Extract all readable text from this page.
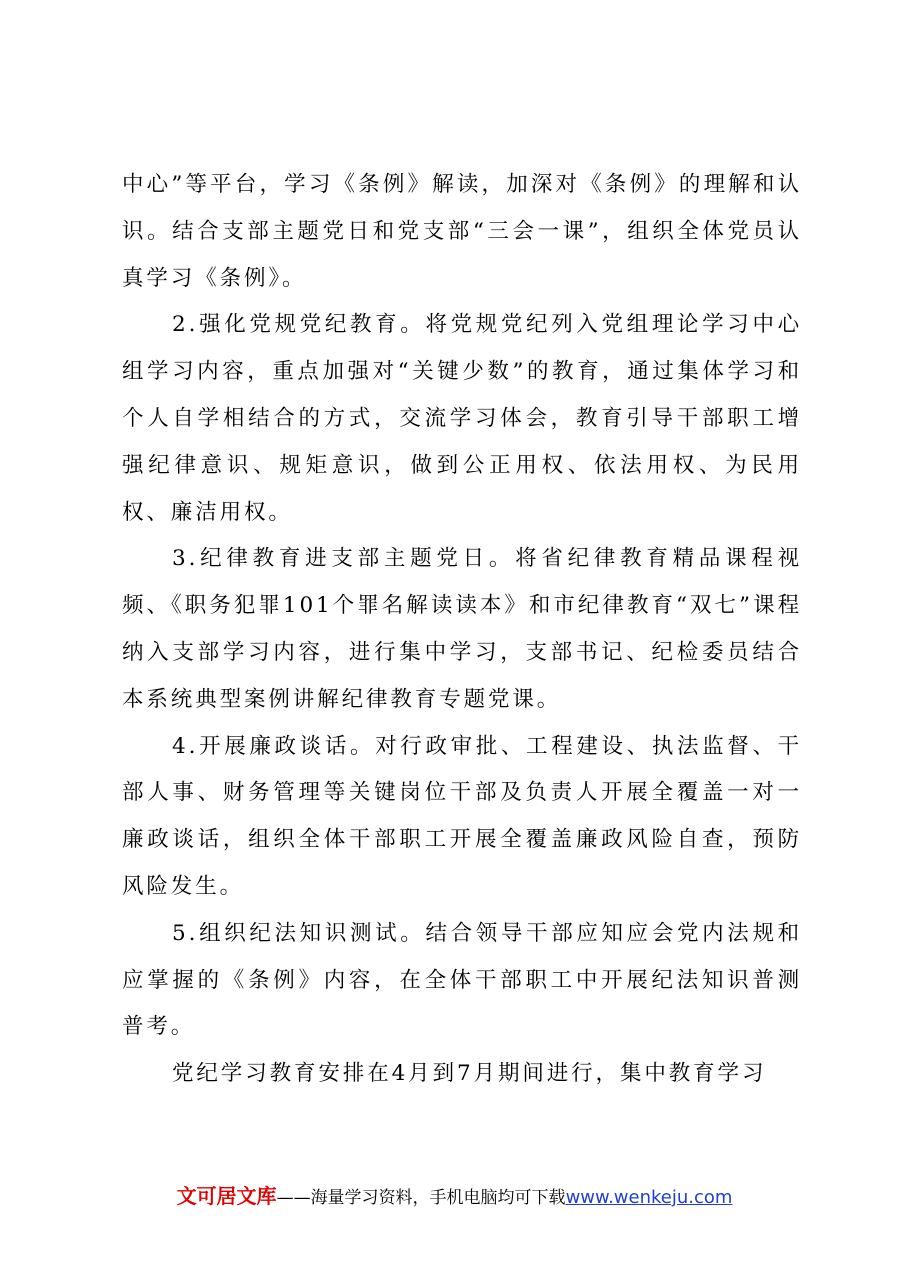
中心”等平台，学习《条例》解读，加深对《条例》的理解和认识。结合支部主题党日和党支部“三会一课”，组织全体党员认真学习《条例》。

2.强化党规党纪教育。将党规党纪列入党组理论学习中心组学习内容，重点加强对“关键少数”的教育，通过集体学习和个人自学相结合的方式，交流学习体会，教育引导干部职工增强纪律意识、规矩意识，做到公正用权、依法用权、为民用权、廉洁用权。

3.纪律教育进支部主题党日。将省纪律教育精品课程视频、《职务犯罪101个罪名解读读本》和市纪律教育“双七”课程纳入支部学习内容，进行集中学习，支部书记、纪检委员结合本系统典型案例讲解纪律教育专题党课。

4.开展廉政谈话。对行政审批、工程建设、执法监督、干部人事、财务管理等关键岗位干部及负责人开展全覆盖一对一廉政谈话，组织全体干部职工开展全覆盖廉政风险自查，预防风险发生。

5.组织纪法知识测试。结合领导干部应知应会党内法规和应掌握的《条例》内容，在全体干部职工中开展纪法知识普测普考。

党纪学习教育安排在4月到7月期间进行，集中教育学习

文可居文库——海量学习资料，手机电脑均可下载www.wenkeju.com
